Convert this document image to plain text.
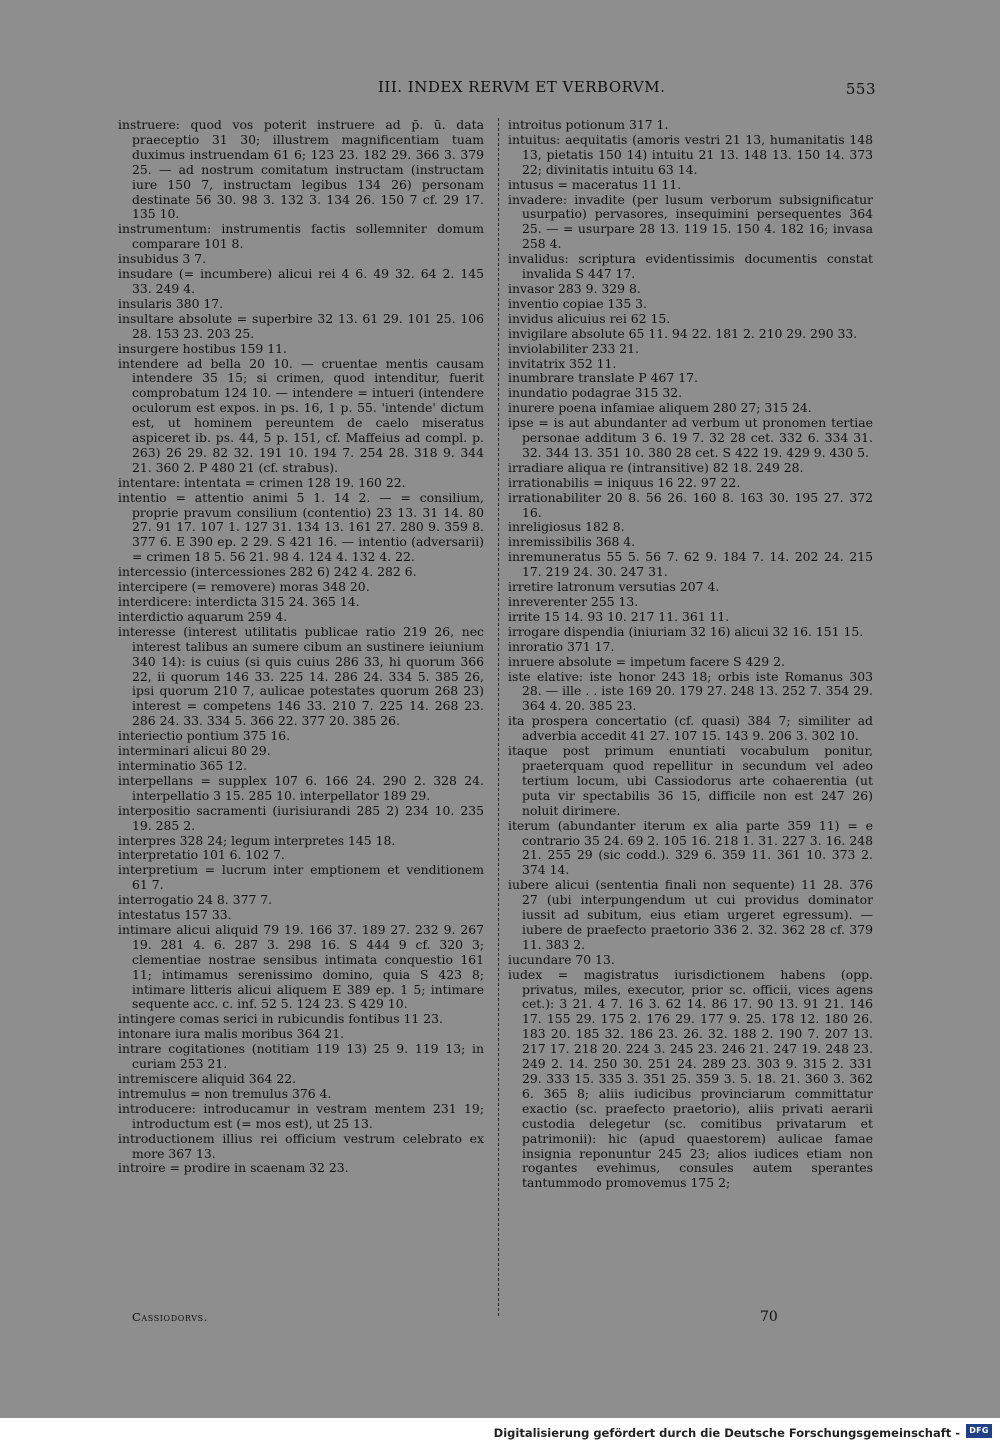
III. INDEX RERVM ET VERBORVM.	553

instruere: quod vos poterit instruere ad p̄. ū. data praeceptio 31 30; illustrem magnificentiam tuam duximus instruendam 61 6; 123 23. 182 29. 366 3. 379 25. — ad nostrum comitatum instructam (instructam iure 150 7, instructam legibus 134 26) personam destinate 56 30. 98 3. 132 3. 134 26. 150 7 cf. 29 17. 135 10.

instrumentum: instrumentis factis sollemniter domum comparare 101 8.

insubidus 3 7.

insudare (= incumbere) alicui rei 4 6. 49 32. 64 2. 145 33. 249 4.

insularis 380 17.

insultare absolute = superbire 32 13. 61 29. 101 25. 106 28. 153 23. 203 25.

insurgere hostibus 159 11.

intendere ad bella 20 10. — cruentae mentis causam intendere 35 15; si crimen, quod intenditur, fuerit comprobatum 124 10. — intendere = intueri (intendere oculorum est expos. in ps. 16, 1 p. 55. 'intende' dictum est, ut hominem pereuntem de caelo miseratus aspiceret ib. ps. 44, 5 p. 151, cf. Maffeius ad compl. p. 263) 26 29. 82 32. 191 10. 194 7. 254 28. 318 9. 344 21. 360 2. P 480 21 (cf. strabus).

intentare: intentata = crimen 128 19. 160 22.

intentio = attentio animi 5 1. 14 2. — = consilium, proprie pravum consilium (contentio) 23 13. 31 14. 80 27. 91 17. 107 1. 127 31. 134 13. 161 27. 280 9. 359 8. 377 6. E 390 ep. 2 29. S 421 16. — intentio (adversarii) = crimen 18 5. 56 21. 98 4. 124 4. 132 4. 22.

intercessio (intercessiones 282 6) 242 4. 282 6.

intercipere (= removere) moras 348 20.

interdicere: interdicta 315 24. 365 14.

interdictio aquarum 259 4.

interesse (interest utilitatis publicae ratio 219 26, nec interest talibus an sumere cibum an sustinere ieiunium 340 14): is cuius (si quis cuius 286 33, hi quorum 366 22, ii quorum 146 33. 225 14. 286 24. 334 5. 385 26, ipsi quorum 210 7, aulicae potestates quorum 268 23) interest = competens 146 33. 210 7. 225 14. 268 23. 286 24. 33. 334 5. 366 22. 377 20. 385 26.

interiectio pontium 375 16.

interminari alicui 80 29.

interminatio 365 12.

interpellans = supplex 107 6. 166 24. 290 2. 328 24. interpellatio 3 15. 285 10. interpellator 189 29.

interpositio sacramenti (iurisiurandi 285 2) 234 10. 235 19. 285 2.

interpres 328 24; legum interpretes 145 18.

interpretatio 101 6. 102 7.

interpretium = lucrum inter emptionem et venditionem 61 7.

interrogatio 24 8. 377 7.

intestatus 157 33.

intimare alicui aliquid 79 19. 166 37. 189 27. 232 9. 267 19. 281 4. 6. 287 3. 298 16. S 444 9 cf. 320 3; clementiae nostrae sensibus intimata conquestio 161 11; intimamus serenissimo domino, quia S 423 8; intimare litteris alicui aliquem E 389 ep. 1 5; intimare sequente acc. c. inf. 52 5. 124 23. S 429 10.

intingere comas serici in rubicundis fontibus 11 23.

intonare iura malis moribus 364 21.

intrare cogitationes (notitiam 119 13) 25 9. 119 13; in curiam 253 21.

intremiscere aliquid 364 22.

intremulus = non tremulus 376 4.

introducere: introducamur in vestram mentem 231 19; introductum est (= mos est), ut 25 13.

introductionem illius rei officium vestrum celebrato ex more 367 13.

introire = prodire in scaenam 32 23.

introitus potionum 317 1.

intuitus: aequitatis (amoris vestri 21 13, humanitatis 148 13, pietatis 150 14) intuitu 21 13. 148 13. 150 14. 373 22; divinitatis intuitu 63 14.

intusus = maceratus 11 11.

invadere: invadite (per lusum verborum subsignificatur usurpatio) pervasores, insequimini persequentes 364 25. — = usurpare 28 13. 119 15. 150 4. 182 16; invasa 258 4.

invalidus: scriptura evidentissimis documentis constat invalida S 447 17.

invasor 283 9. 329 8.

inventio copiae 135 3.

invidus alicuius rei 62 15.

invigilare absolute 65 11. 94 22. 181 2. 210 29. 290 33.

inviolabiliter 233 21.

invitatrix 352 11.

inumbrare translate P 467 17.

inundatio podagrae 315 32.

inurere poena infamiae aliquem 280 27; 315 24.

ipse = is aut abundanter ad verbum ut pronomen tertiae personae additum 3 6. 19 7. 32 28 cet. 332 6. 334 31. 32. 344 13. 351 10. 380 28 cet. S 422 19. 429 9. 430 5.

irradiare aliqua re (intransitive) 82 18. 249 28.

irrationabilis = iniquus 16 22. 97 22.

irrationabiliter 20 8. 56 26. 160 8. 163 30. 195 27. 372 16.

inreligiosus 182 8.

inremissibilis 368 4.

inremuneratus 55 5. 56 7. 62 9. 184 7. 14. 202 24. 215 17. 219 24. 30. 247 31.

irretire latronum versutias 207 4.

inreverenter 255 13.

irrite 15 14. 93 10. 217 11. 361 11.

irrogare dispendia (iniuriam 32 16) alicui 32 16. 151 15.

inroratio 371 17.

inruere absolute = impetum facere S 429 2.

iste elative: iste honor 243 18; orbis iste Romanus 303 28. — ille . . iste 169 20. 179 27. 248 13. 252 7. 354 29. 364 4. 20. 385 23.

ita prospera concertatio (cf. quasi) 384 7; similiter ad adverbia accedit 41 27. 107 15. 143 9. 206 3. 302 10.

itaque post primum enuntiati vocabulum ponitur, praeterquam quod repellitur in secundum vel adeo tertium locum, ubi Cassiodorus arte cohaerentia (ut puta vir spectabilis 36 15, difficile non est 247 26) noluit dirimere.

iterum (abundanter iterum ex alia parte 359 11) = e contrario 35 24. 69 2. 105 16. 218 1. 31. 227 3. 16. 248 21. 255 29 (sic codd.). 329 6. 359 11. 361 10. 373 2. 374 14.

iubere alicui (sententia finali non sequente) 11 28. 376 27 (ubi interpungendum ut cui providus dominator iussit ad subitum, eius etiam urgeret egressum). — iubere de praefecto praetorio 336 2. 32. 362 28 cf. 379 11. 383 2.

iucundare 70 13.

iudex = magistratus iurisdictionem habens (opp. privatus, miles, executor, prior sc. officii, vices agens cet.): 3 21. 4 7. 16 3. 62 14. 86 17. 90 13. 91 21. 146 17. 155 29. 175 2. 176 29. 177 9. 25. 178 12. 180 26. 183 20. 185 32. 186 23. 26. 32. 188 2. 190 7. 207 13. 217 17. 218 20. 224 3. 245 23. 246 21. 247 19. 248 23. 249 2. 14. 250 30. 251 24. 289 23. 303 9. 315 2. 331 29. 333 15. 335 3. 351 25. 359 3. 5. 18. 21. 360 3. 362 6. 365 8; aliis iudicibus provinciarum committatur exactio (sc. praefecto praetorio), aliis privati aerarii custodia delegetur (sc. comitibus privatarum et patrimonii): hic (apud quaestorem) aulicae famae insignia reponuntur 245 23; alios iudices etiam non rogantes evehimus, consules autem sperantes tantummodo promovemus 175 2;

Cassiodorvs.	70
Digitalisierung gefördert durch die Deutsche Forschungsgemeinschaft -	DFG
